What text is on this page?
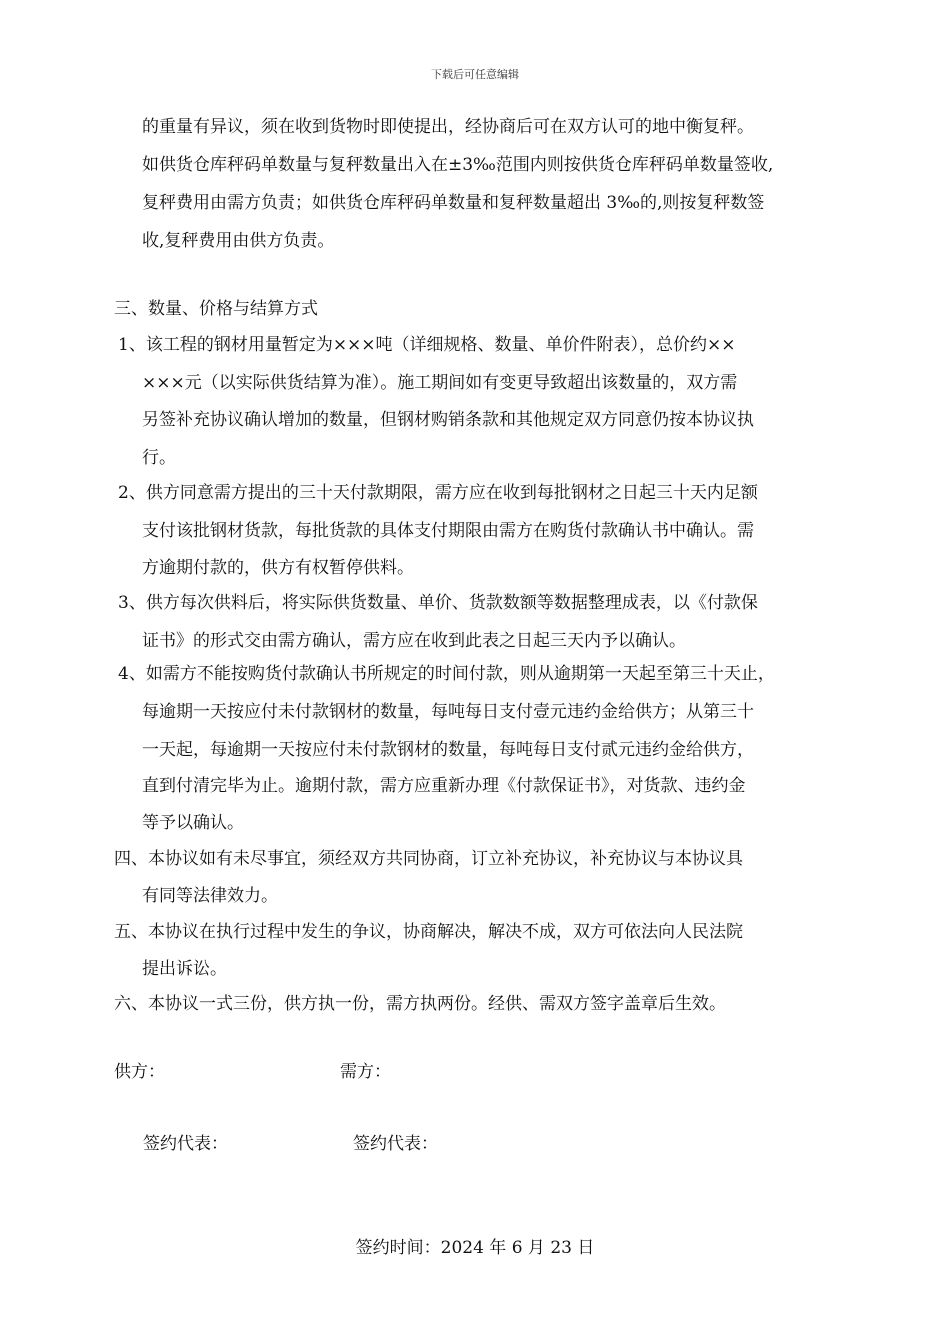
下载后可任意编辑
的重量有异议，须在收到货物时即使提出，经协商后可在双方认可的地中衡复秤。
如供货仓库秤码单数量与复秤数量出入在±3‰范围内则按供货仓库秤码单数量签收,
复秤费用由需方负责；如供货仓库秤码单数量和复秤数量超出 3‰的,则按复秤数签
收,复秤费用由供方负责。
三、数量、价格与结算方式
1、该工程的钢材用量暂定为×××吨（详细规格、数量、单价件附表），总价约××
×××元（以实际供货结算为准）。施工期间如有变更导致超出该数量的，双方需
另签补充协议确认增加的数量，但钢材购销条款和其他规定双方同意仍按本协议执
行。
2、供方同意需方提出的三十天付款期限，需方应在收到每批钢材之日起三十天内足额
支付该批钢材货款，每批货款的具体支付期限由需方在购货付款确认书中确认。需
方逾期付款的，供方有权暂停供料。
3、供方每次供料后，将实际供货数量、单价、货款数额等数据整理成表，以《付款保
证书》的形式交由需方确认，需方应在收到此表之日起三天内予以确认。
4、如需方不能按购货付款确认书所规定的时间付款，则从逾期第一天起至第三十天止，
每逾期一天按应付未付款钢材的数量，每吨每日支付壹元违约金给供方；从第三十
一天起，每逾期一天按应付未付款钢材的数量，每吨每日支付贰元违约金给供方，
直到付清完毕为止。逾期付款，需方应重新办理《付款保证书》，对货款、违约金
等予以确认。
四、本协议如有未尽事宜，须经双方共同协商，订立补充协议，补充协议与本协议具
有同等法律效力。
五、本协议在执行过程中发生的争议，协商解决，解决不成，双方可依法向人民法院
提出诉讼。
六、本协议一式三份，供方执一份，需方执两份。经供、需双方签字盖章后生效。
供方：	需方：
签约代表：	签约代表：
签约时间：2024 年 6 月 23 日
